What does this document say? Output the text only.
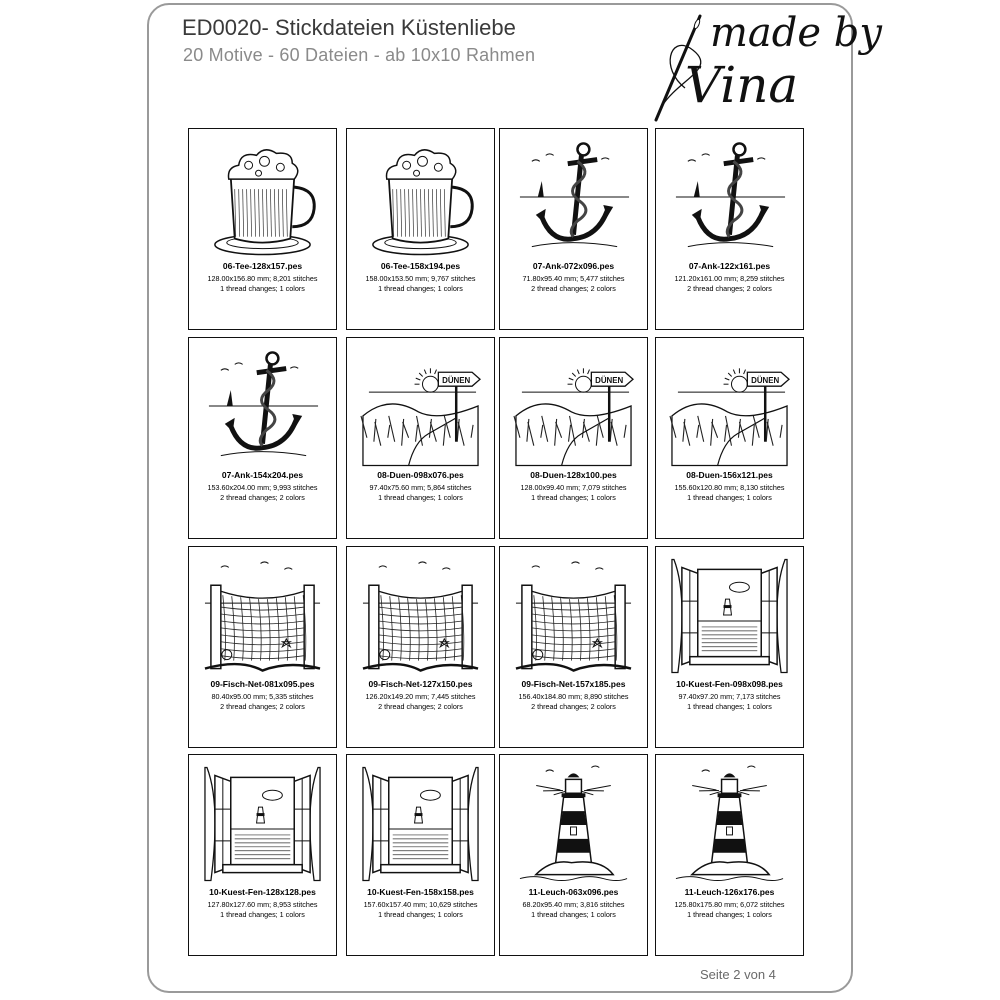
ED0020- Stickdateien Küstenliebe
20 Motive - 60 Dateien - ab 10x10 Rahmen	made by
Vina
06-Tee-128x157.pes
128.00x156.80 mm; 8,201 stitches
1 thread changes; 1 colors
06-Tee-158x194.pes
158.00x153.50 mm; 9,767 stitches
1 thread changes; 1 colors
07-Ank-072x096.pes
71.80x95.40 mm; 5,477 stitches
2 thread changes; 2 colors
07-Ank-122x161.pes
121.20x161.00 mm; 8,259 stitches
2 thread changes; 2 colors
07-Ank-154x204.pes
153.60x204.00 mm; 9,993 stitches
2 thread changes; 2 colors
DÜNEN
08-Duen-098x076.pes
97.40x75.60 mm; 5,864 stitches
1 thread changes; 1 colors
DÜNEN
08-Duen-128x100.pes
128.00x99.40 mm; 7,079 stitches
1 thread changes; 1 colors
DÜNEN
08-Duen-156x121.pes
155.60x120.80 mm; 8,130 stitches
1 thread changes; 1 colors
09-Fisch-Net-081x095.pes
80.40x95.00 mm; 5,335 stitches
2 thread changes; 2 colors
09-Fisch-Net-127x150.pes
126.20x149.20 mm; 7,445 stitches
2 thread changes; 2 colors
09-Fisch-Net-157x185.pes
156.40x184.80 mm; 8,890 stitches
2 thread changes; 2 colors
10-Kuest-Fen-098x098.pes
97.40x97.20 mm; 7,173 stitches
1 thread changes; 1 colors
10-Kuest-Fen-128x128.pes
127.80x127.60 mm; 8,953 stitches
1 thread changes; 1 colors
10-Kuest-Fen-158x158.pes
157.60x157.40 mm; 10,629 stitches
1 thread changes; 1 colors
11-Leuch-063x096.pes
68.20x95.40 mm; 3,816 stitches
1 thread changes; 1 colors
11-Leuch-126x176.pes
125.80x175.80 mm; 6,072 stitches
1 thread changes; 1 colors
Seite 2 von 4
